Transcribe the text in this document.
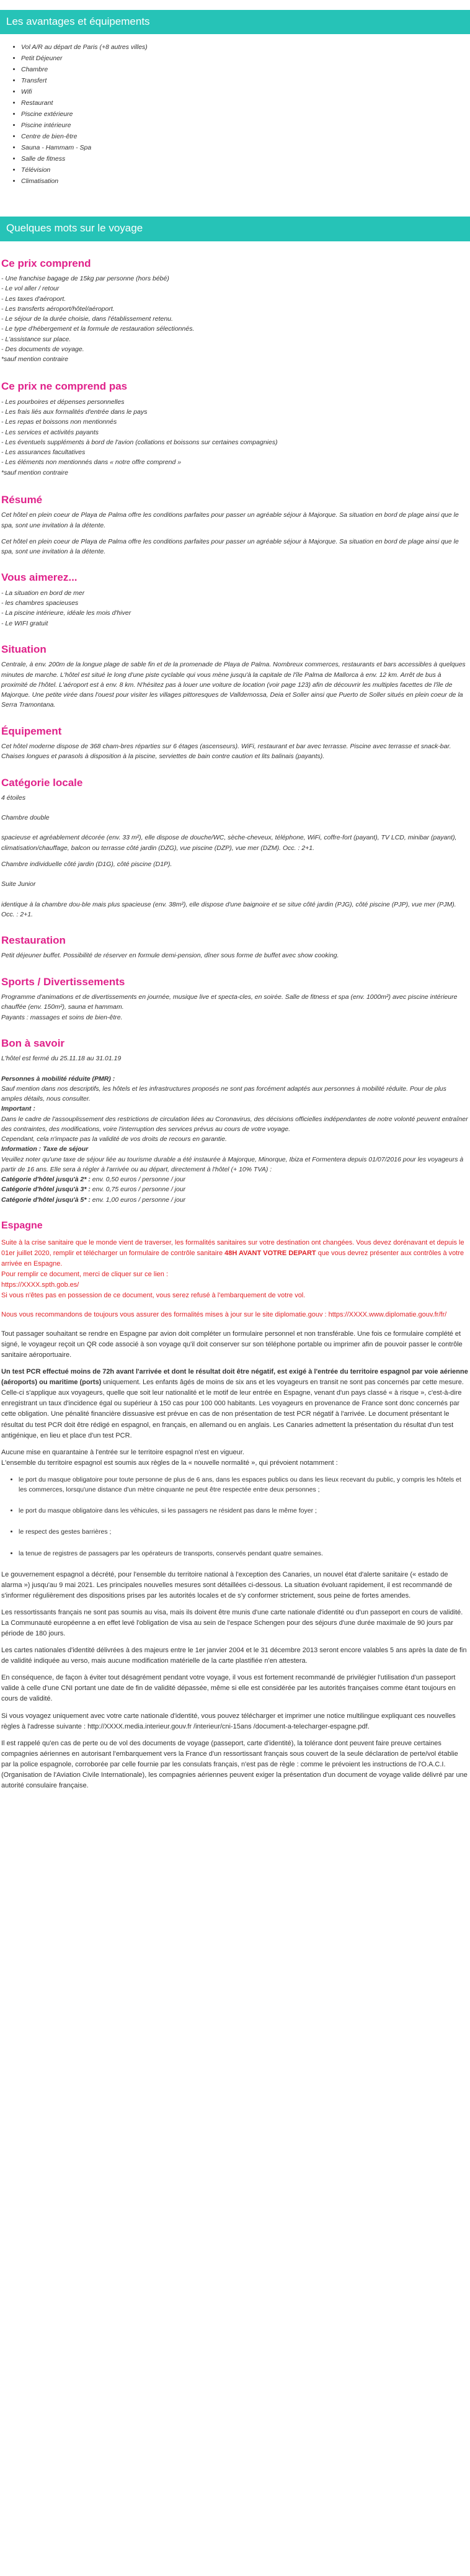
Les avantages et équipements
• Vol A/R au départ de Paris (+8 autres villes)
• Petit Déjeuner
• Chambre
• Transfert
• Wifi
• Restaurant
• Piscine extérieure
• Piscine intérieure
• Centre de bien-être
• Sauna - Hammam - Spa
• Salle de fitness
• Télévision
• Climatisation
Quelques mots sur le voyage
Ce prix comprend
- Une franchise bagage de 15kg par personne (hors bébé)
- Le vol aller / retour
- Les taxes d'aéroport.
- Les transferts aéroport/hôtel/aéroport.
- Le séjour de la durée choisie, dans l'établissement retenu.
- Le type d'hébergement et la formule de restauration sélectionnés.
- L'assistance sur place.
- Des documents de voyage.
*sauf mention contraire
Ce prix ne comprend pas
- Les pourboires et dépenses personnelles
- Les frais liés aux formalités d'entrée dans le pays
- Les repas et boissons non mentionnés
- Les services et activités payants
- Les éventuels suppléments à bord de l'avion (collations et boissons sur certaines compagnies)
- Les assurances facultatives
- Les éléments non mentionnés dans « notre offre comprend »
*sauf mention contraire
Résumé

Cet hôtel en plein coeur de Playa de Palma offre les conditions parfaites pour passer un agréable séjour à Majorque. Sa situation en bord de plage ainsi que le spa, sont une invitation à la détente.

Cet hôtel en plein coeur de Playa de Palma offre les conditions parfaites pour passer un agréable séjour à Majorque. Sa situation en bord de plage ainsi que le spa, sont une invitation à la détente.

Vous aimerez...
- La situation en bord de mer
- les chambres spacieuses
- La piscine intérieure, idéale les mois d'hiver
- Le WIFI gratuit
Situation

Centrale, à env. 200m de la longue plage de sable fin et de la promenade de Playa de Palma. Nombreux commerces, restaurants et bars accessibles à quelques minutes de marche. L'hôtel est situé le long d'une piste cyclable qui vous mène jusqu'à la capitale de l'île Palma de Mallorca à env. 12 km. Arrêt de bus à proximité de l'hôtel. L'aéroport est à env. 8 km. N'hésitez pas à louer une voiture de location (voir page 123) afin de découvrir les multiples facettes de l'île de Majorque. Une petite virée dans l'ouest pour visiter les villages pittoresques de Valldemossa, Deia et Soller ainsi que Puerto de Soller situés en plein coeur de la Serra Tramontana.

Équipement

Cet hôtel moderne dispose de 368 cham-bres réparties sur 6 étages (ascenseurs). WiFi, restaurant et bar avec terrasse. Piscine avec terrasse et snack-bar.

Chaises longues et parasols à disposition à la piscine, serviettes de bain contre caution et lits balinais (payants).

Catégorie locale

4 étoiles

Chambre double

spacieuse et agréablement décorée (env. 33 m²), elle dispose de douche/WC, sèche-cheveux, téléphone, WiFi, coffre-fort (payant), TV LCD, minibar (payant), climatisation/chauffage, balcon ou terrasse côté jardin (DZG), vue piscine (DZP), vue mer (DZM). Occ. : 2+1.

Chambre individuelle côté jardin (D1G), côté piscine (D1P).

Suite Junior

identique à la chambre dou-ble mais plus spacieuse (env. 38m²), elle dispose d'une baignoire et se situe côté jardin (PJG), côté piscine (PJP), vue mer (PJM). Occ. : 2+1.

Restauration

Petit déjeuner buffet. Possibilité de réserver en formule demi-pension, dîner sous forme de buffet avec show cooking.

Sports / Divertissements

Programme d'animations et de divertissements en journée, musique live et specta-cles, en soirée. Salle de fitness et spa (env. 1000m²) avec piscine intérieure chauffée (env. 150m²), sauna et hammam.

Payants : massages et soins de bien-être.

Bon à savoir

L'hôtel est fermé du 25.11.18 au 31.01.19

Personnes à mobilité réduite (PMR) :

Sauf mention dans nos descriptifs, les hôtels et les infrastructures proposés ne sont pas forcément adaptés aux personnes à mobilité réduite. Pour de plus amples détails, nous consulter.

Important :

Dans le cadre de l'assouplissement des restrictions de circulation liées au Coronavirus, des décisions officielles indépendantes de notre volonté peuvent entraîner des contraintes, des modifications, voire l'interruption des services prévus au cours de votre voyage.

Cependant, cela n'impacte pas la validité de vos droits de recours en garantie.

Information : Taxe de séjour

Veuillez noter qu'une taxe de séjour liée au tourisme durable a été instaurée à Majorque, Minorque, Ibiza et Formentera depuis 01/07/2016 pour les voyageurs à partir de 16 ans. Elle sera à régler à l'arrivée ou au départ, directement à l'hôtel (+ 10% TVA) :

Catégorie d'hôtel jusqu'à 2* : env. 0,50 euros / personne / jour
Catégorie d'hôtel jusqu'à 3* : env. 0,75 euros / personne / jour
Catégorie d'hôtel jusqu'à 5* : env. 1,00 euros / personne / jour
Espagne

Suite à la crise sanitaire que le monde vient de traverser, les formalités sanitaires sur votre destination ont changées. Vous devez dorénavant et depuis le 01er juillet 2020, remplir et télécharger un formulaire de contrôle sanitaire 48H AVANT VOTRE DEPART que vous devrez présenter aux contrôles à votre arrivée en Espagne.

Pour remplir ce document, merci de cliquer sur ce lien :

https://XXXX.spth.gob.es/

Si vous n'êtes pas en possession de ce document, vous serez refusé à l'embarquement de votre vol.

Nous vous recommandons de toujours vous assurer des formalités mises à jour sur le site diplomatie.gouv : https://XXXX.www.diplomatie.gouv.fr/fr/

Tout passager souhaitant se rendre en Espagne par avion doit compléter un formulaire personnel et non transférable. Une fois ce formulaire complété et signé, le voyageur reçoit un QR code associé à son voyage qu'il doit conserver sur son téléphone portable ou imprimer afin de pouvoir passer le contrôle sanitaire aéroportuaire.

Un test PCR effectué moins de 72h avant l'arrivée et dont le résultat doit être négatif, est exigé à l'entrée du territoire espagnol par voie aérienne (aéroports) ou maritime (ports) uniquement. Les enfants âgés de moins de six ans et les voyageurs en transit ne sont pas concernés par cette mesure. Celle-ci s'applique aux voyageurs, quelle que soit leur nationalité et le motif de leur entrée en Espagne, venant d'un pays classé « à risque », c'est-à-dire enregistrant un taux d'incidence égal ou supérieur à 150 cas pour 100 000 habitants. Les voyageurs en provenance de France sont donc concernés par cette obligation. Une pénalité financière dissuasive est prévue en cas de non présentation de test PCR négatif à l'arrivée. Le document présentant le résultat du test PCR doit être rédigé en espagnol, en français, en allemand ou en anglais. Les Canaries admettent la présentation du résultat d'un test antigénique, en lieu et place d'un test PCR.

Aucune mise en quarantaine à l'entrée sur le territoire espagnol n'est en vigueur.

L'ensemble du territoire espagnol est soumis aux règles de la « nouvelle normalité », qui prévoient notamment :

• le port du masque obligatoire pour toute personne de plus de 6 ans, dans les espaces publics ou dans les lieux recevant du public, y compris les hôtels et les commerces, lorsqu'une distance d'un mètre cinquante ne peut être respectée entre deux personnes ;
• le port du masque obligatoire dans les véhicules, si les passagers ne résident pas dans le même foyer ;
• le respect des gestes barrières ;
• la tenue de registres de passagers par les opérateurs de transports, conservés pendant quatre semaines.

Le gouvernement espagnol a décrété, pour l'ensemble du territoire national à l'exception des Canaries, un nouvel état d'alerte sanitaire (« estado de alarma ») jusqu'au 9 mai 2021. Les principales nouvelles mesures sont détaillées ci-dessous. La situation évoluant rapidement, il est recommandé de s'informer régulièrement des dispositions prises par les autorités locales et de s'y conformer strictement, sous peine de fortes amendes.

Les ressortissants français ne sont pas soumis au visa, mais ils doivent être munis d'une carte nationale d'identité ou d'un passeport en cours de validité. La Communauté européenne a en effet levé l'obligation de visa au sein de l'espace Schengen pour des séjours d'une durée maximale de 90 jours par période de 180 jours.

Les cartes nationales d'identité délivrées à des majeurs entre le 1er janvier 2004 et le 31 décembre 2013 seront encore valables 5 ans après la date de fin de validité indiquée au verso, mais aucune modification matérielle de la carte plastifiée n'en attestera.

En conséquence, de façon à éviter tout désagrément pendant votre voyage, il vous est fortement recommandé de privilégier l'utilisation d'un passeport valide à celle d'une CNI portant une date de fin de validité dépassée, même si elle est considérée par les autorités françaises comme étant toujours en cours de validité.

Si vous voyagez uniquement avec votre carte nationale d'identité, vous pouvez télécharger et imprimer une notice multilingue expliquant ces nouvelles règles à l'adresse suivante : http://XXXX.media.interieur.gouv.fr /interieur/cni-15ans /document-a-telecharger-espagne.pdf.

Il est rappelé qu'en cas de perte ou de vol des documents de voyage (passeport, carte d'identité), la tolérance dont peuvent faire preuve certaines compagnies aériennes en autorisant l'embarquement vers la France d'un ressortissant français sous couvert de la seule déclaration de perte/vol établie par la police espagnole, corroborée par celle fournie par les consulats français, n'est pas de règle : comme le prévoient les instructions de l'O.A.C.I. (Organisation de l'Aviation Civile Internationale), les compagnies aériennes peuvent exiger la présentation d'un document de voyage valide délivré par une autorité consulaire française.
